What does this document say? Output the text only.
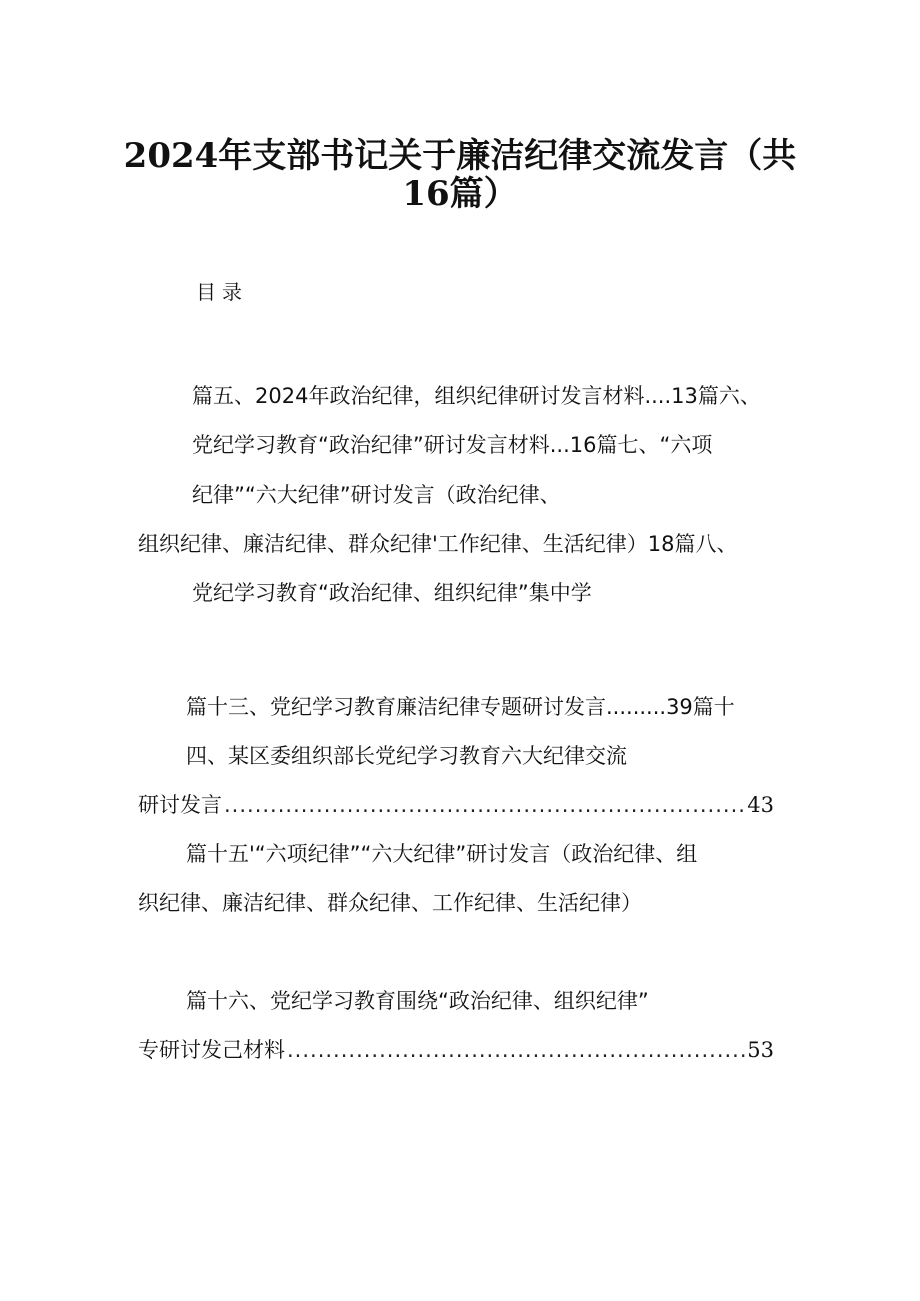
2024年支部书记关于廉洁纪律交流发言（共
16篇）
目录
篇五、2024年政治纪律，组织纪律研讨发言材料....13篇六、
党纪学习教育“政治纪律”研讨发言材料...16篇七、“六项
纪律”“六大纪律”研讨发言（政治纪律、
组织纪律、廉洁纪律、群众纪律'工作纪律、生活纪律）18篇八、
党纪学习教育“政治纪律、组织纪律”集中学
篇十三、党纪学习教育廉洁纪律专题研讨发言.........39篇十
四、某区委组织部长党纪学习教育六大纪律交流
研讨发言 .....	43
篇十五'“六项纪律”“六大纪律”研讨发言（政治纪律、组
织纪律、廉洁纪律、群众纪律、工作纪律、生活纪律）
篇十六、党纪学习教育围绕“政治纪律、组织纪律”
专研讨发己材料 .....	53
